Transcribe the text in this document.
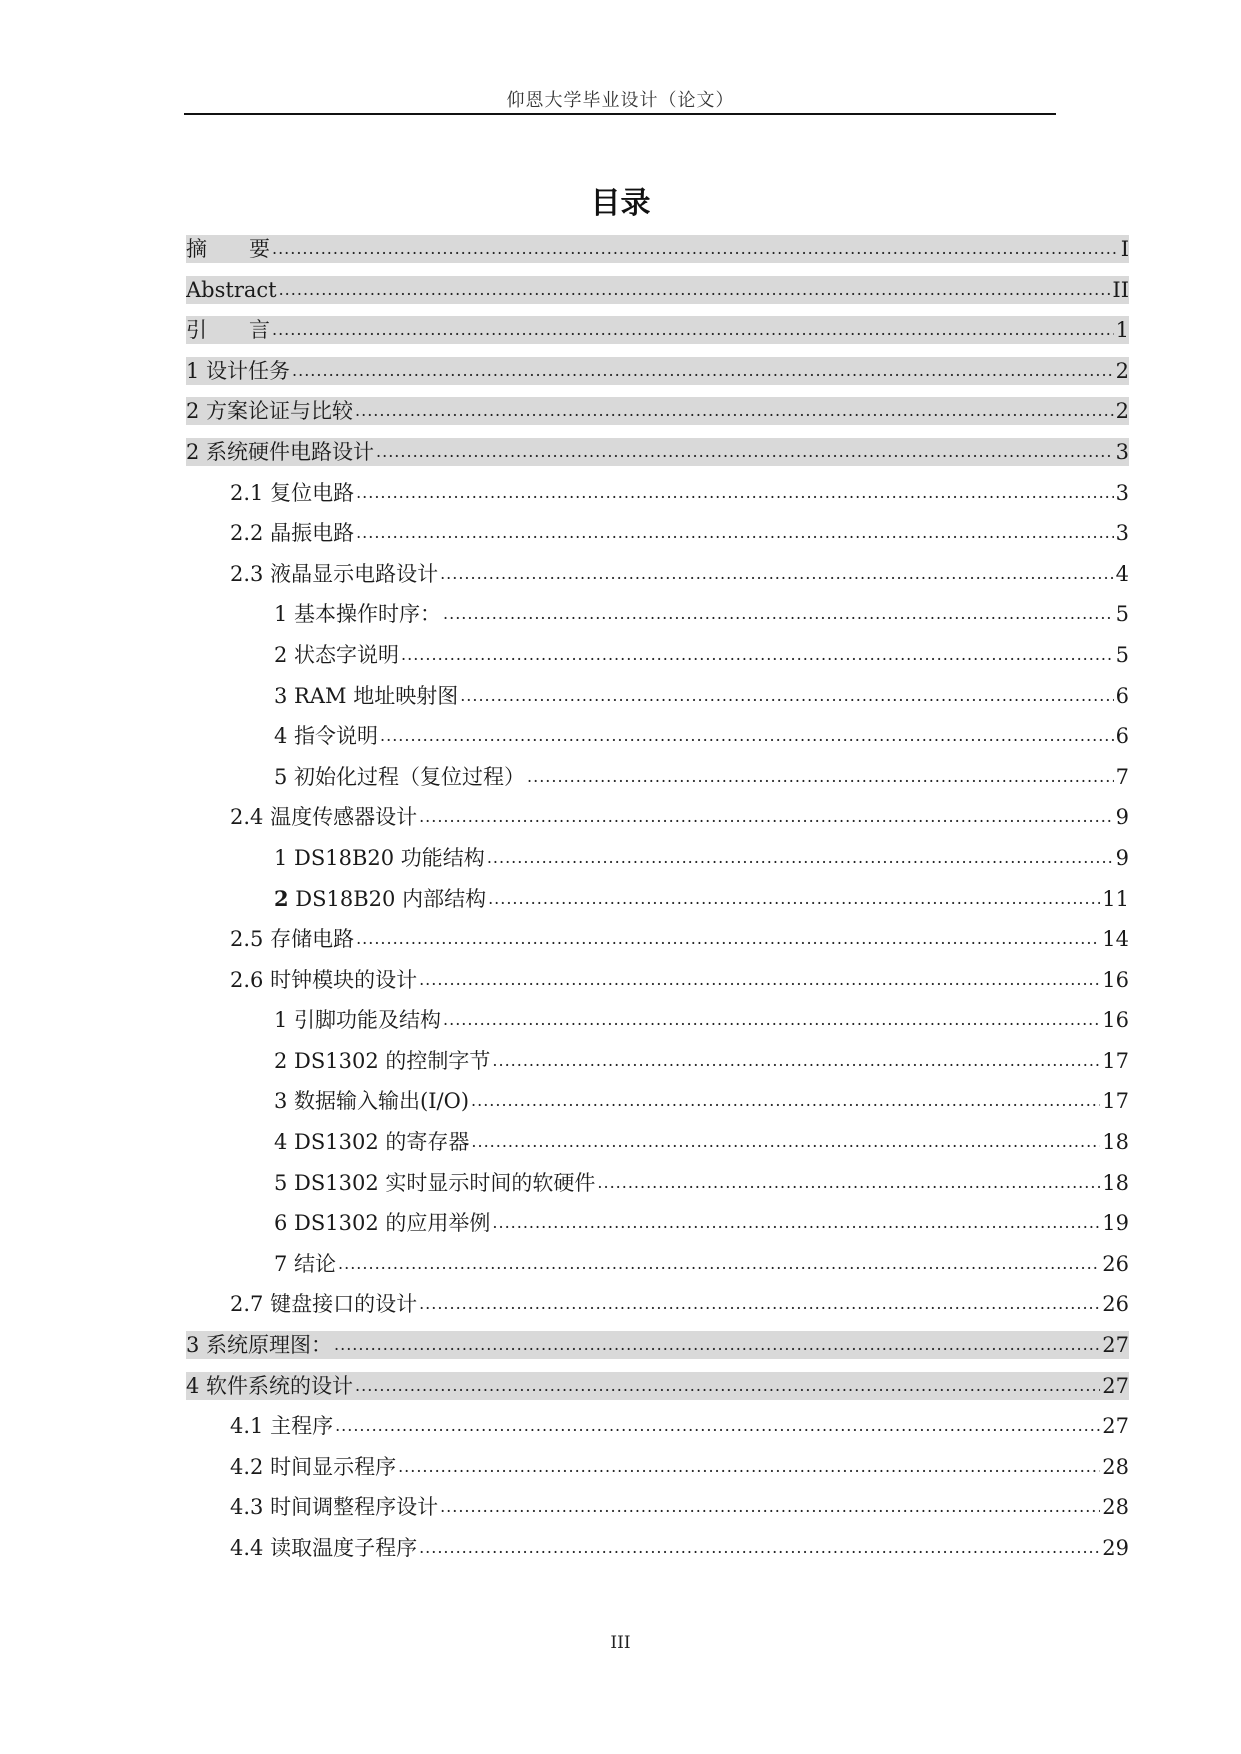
仰恩大学毕业设计（论文）
目录
摘　　要 .....	I
Abstract .....	II
引　　言 .....	1
1 设计任务 .....	2
2 方案论证与比较 .....	2
2 系统硬件电路设计 .....	3
2.1 复位电路 .....	3
2.2 晶振电路 .....	3
2.3 液晶显示电路设计 .....	4
1 基本操作时序： .....	5
2 状态字说明 .....	5
3 RAM 地址映射图 .....	6
4 指令说明 .....	6
5 初始化过程（复位过程） .....	7
2.4 温度传感器设计 .....	9
1 DS18B20 功能结构 .....	9
2 DS18B20 内部结构 .....	11
2.5 存储电路 .....	14
2.6 时钟模块的设计 .....	16
1 引脚功能及结构 .....	16
2 DS1302 的控制字节 .....	17
3 数据输入输出(I/O) .....	17
4 DS1302 的寄存器 .....	18
5 DS1302 实时显示时间的软硬件 .....	18
6 DS1302 的应用举例 .....	19
7 结论 .....	26
2.7 键盘接口的设计 .....	26
3 系统原理图： .....	27
4 软件系统的设计 .....	27
4.1 主程序 .....	27
4.2 时间显示程序 .....	28
4.3 时间调整程序设计 .....	28
4.4 读取温度子程序 .....	29
III
